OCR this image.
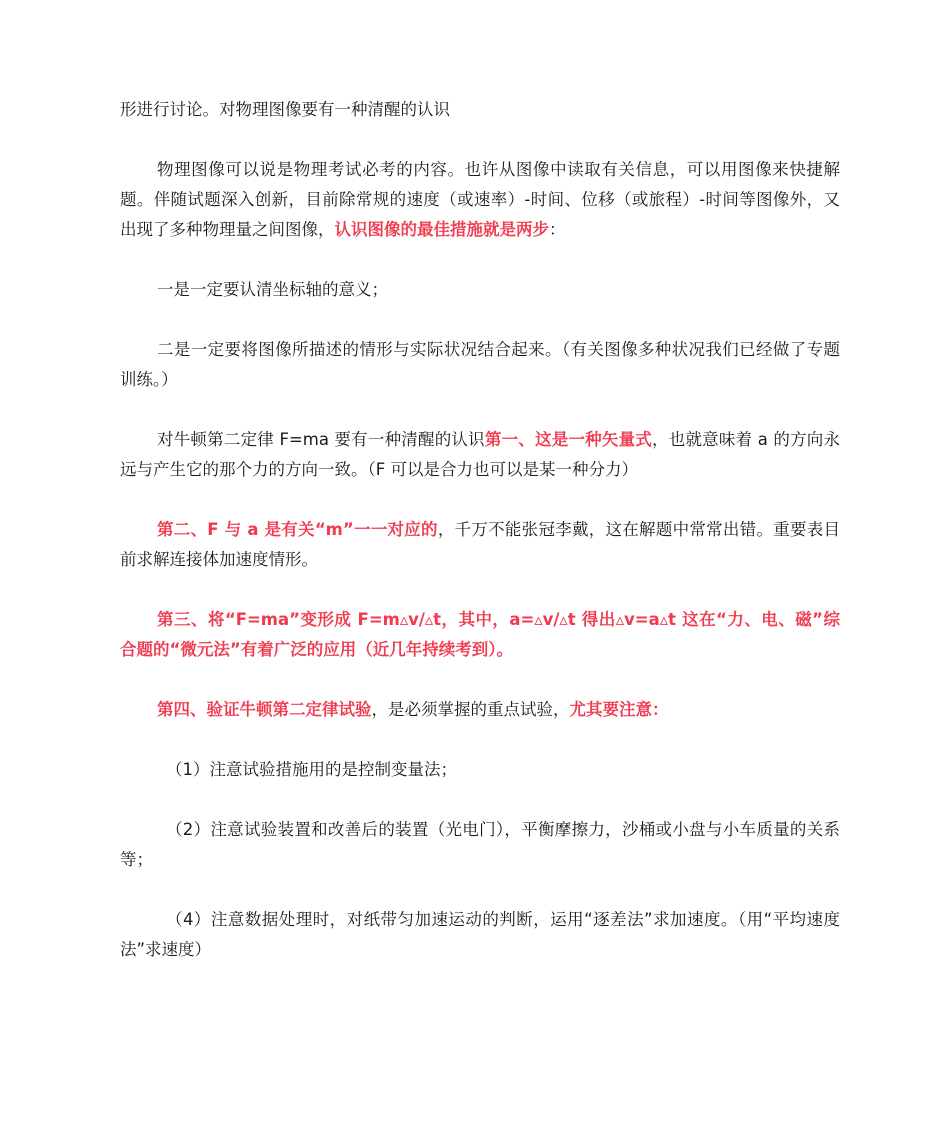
形进行讨论。对物理图像要有一种清醒的认识

物理图像可以说是物理考试必考的内容。也许从图像中读取有关信息，可以用图像来快捷解题。伴随试题深入创新，目前除常规的速度（或速率）-时间、位移（或旅程）-时间等图像外，又出现了多种物理量之间图像，认识图像的最佳措施就是两步：

一是一定要认清坐标轴的意义；

二是一定要将图像所描述的情形与实际状况结合起来。（有关图像多种状况我们已经做了专题训练。）

对牛顿第二定律 F=ma 要有一种清醒的认识第一、这是一种矢量式，也就意味着 a 的方向永远与产生它的那个力的方向一致。（F 可以是合力也可以是某一种分力）

第二、F 与 a 是有关“m”一一对应的，千万不能张冠李戴，这在解题中常常出错。重要表目前求解连接体加速度情形。

第三、将“F=ma”变形成 F=m▵v/▵t，其中，a=▵v/▵t 得出▵v=a▵t 这在“力、电、磁”综合题的“微元法”有着广泛的应用（近几年持续考到）。

第四、验证牛顿第二定律试验，是必须掌握的重点试验，尤其要注意：

（1）注意试验措施用的是控制变量法；

（2）注意试验装置和改善后的装置（光电门），平衡摩擦力，沙桶或小盘与小车质量的关系等；

（4）注意数据处理时，对纸带匀加速运动的判断，运用“逐差法”求加速度。（用“平均速度法”求速度）
